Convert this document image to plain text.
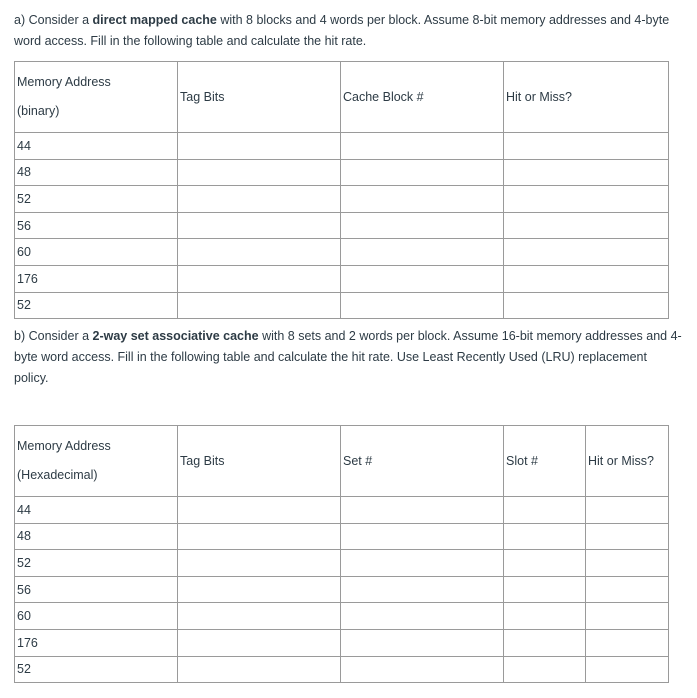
a) Consider a direct mapped cache with 8 blocks and 4 words per block. Assume 8-bit memory addresses and 4-byte word access. Fill in the following table and calculate the hit rate.
Memory Address
(binary)	Tag Bits	Cache Block #	Hit or Miss?
44			
48			
52			
56			
60			
176			
52			
b) Consider a 2-way set associative cache with 8 sets and 2 words per block. Assume 16-bit memory addresses and 4-byte word access. Fill in the following table and calculate the hit rate. Use Least Recently Used (LRU) replacement policy.
Memory Address
(Hexadecimal)	Tag Bits	Set #	Slot #	Hit or Miss?
44				
48				
52				
56				
60				
176				
52				
